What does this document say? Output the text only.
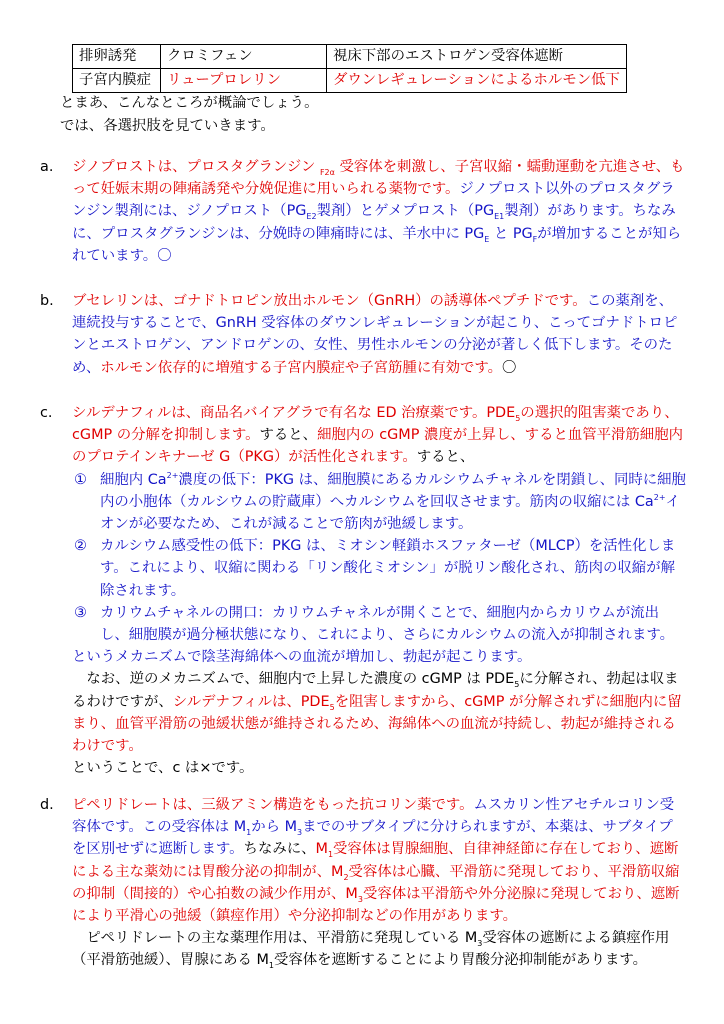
排卵誘発	クロミフェン	視床下部のエストロゲン受容体遮断
子宮内膜症	リュープロレリン	ダウンレギュレーションによるホルモン低下
とまあ、こんなところが概論でしょう。
では、各選択肢を見ていきます。
a. ジノプロストは、プロスタグランジン $_{F2\alpha}$ 受容体を刺激し、子宮収縮・蠕動運動を亢進させ、もって妊娠末期の陣痛誘発や分娩促進に用いられる薬物です。ジノプロスト以外のプロスタグランジン製剤には、ジノプロスト（$PG_{E2}$製剤）とゲメプロスト（$PG_{E1}$製剤）があります。ちなみに、プロスタグランジンは、分娩時の陣痛時には、羊水中に $PG_E$ と $PG_F$が増加することが知られています。〇
b. ブセレリンは、ゴナドトロピン放出ホルモン（GnRH）の誘導体ペプチドです。この薬剤を、連続投与することで、GnRH 受容体のダウンレギュレーションが起こり、こってゴナドトロピンとエストロゲン、アンドロゲンの、女性、男性ホルモンの分泌が著しく低下します。そのため、ホルモン依存的に増殖する子宮内膜症や子宮筋腫に有効です。〇
c. シルデナフィルは、商品名バイアグラで有名な ED 治療薬です。$PDE_5$の選択的阻害薬であり、cGMP の分解を抑制します。すると、細胞内の cGMP 濃度が上昇し、すると血管平滑筋細胞内のプロテインキナーゼ G（PKG）が活性化されます。すると、
① 細胞内 $Ca^{2+}$濃度の低下：PKG は、細胞膜にあるカルシウムチャネルを閉鎖し、同時に細胞内の小胞体（カルシウムの貯蔵庫）へカルシウムを回収させます。筋肉の収縮には $Ca^{2+}$イオンが必要なため、これが減ることで筋肉が弛緩します。
② カルシウム感受性の低下：PKG は、ミオシン軽鎖ホスファターゼ（MLCP）を活性化します。これにより、収縮に関わる「リン酸化ミオシン」が脱リン酸化され、筋肉の収縮が解除されます。
③ カリウムチャネルの開口：カリウムチャネルが開くことで、細胞内からカリウムが流出し、細胞膜が過分極状態になり、これにより、さらにカルシウムの流入が抑制されます。
というメカニズムで陰茎海綿体への血流が増加し、勃起が起こります。
なお、逆のメカニズムで、細胞内で上昇した濃度の cGMP は $PDE_5$に分解され、勃起は収まるわけですが、シルデナフィルは、$PDE_5$を阻害しますから、cGMP が分解されずに細胞内に留まり、血管平滑筋の弛緩状態が維持されるため、海綿体への血流が持続し、勃起が維持されるわけです。
ということで、c は×です。
d. ピペリドレートは、三級アミン構造をもった抗コリン薬です。ムスカリン性アセチルコリン受容体です。この受容体は $M_1$から $M_3$までのサブタイプに分けられますが、本薬は、サブタイプを区別せずに遮断します。ちなみに、$M_1$受容体は胃腺細胞、自律神経節に存在しており、遮断による主な薬効には胃酸分泌の抑制が、$M_2$受容体は心臓、平滑筋に発現しており、平滑筋収縮の抑制（間接的）や心拍数の減少作用が、$M_3$受容体は平滑筋や外分泌腺に発現しており、遮断により平滑心の弛緩（鎮痙作用）や分泌抑制などの作用があります。
ピペリドレートの主な薬理作用は、平滑筋に発現している $M_3$受容体の遮断による鎮痙作用（平滑筋弛緩）、胃腺にある $M_1$受容体を遮断することにより胃酸分泌抑制能があります。
